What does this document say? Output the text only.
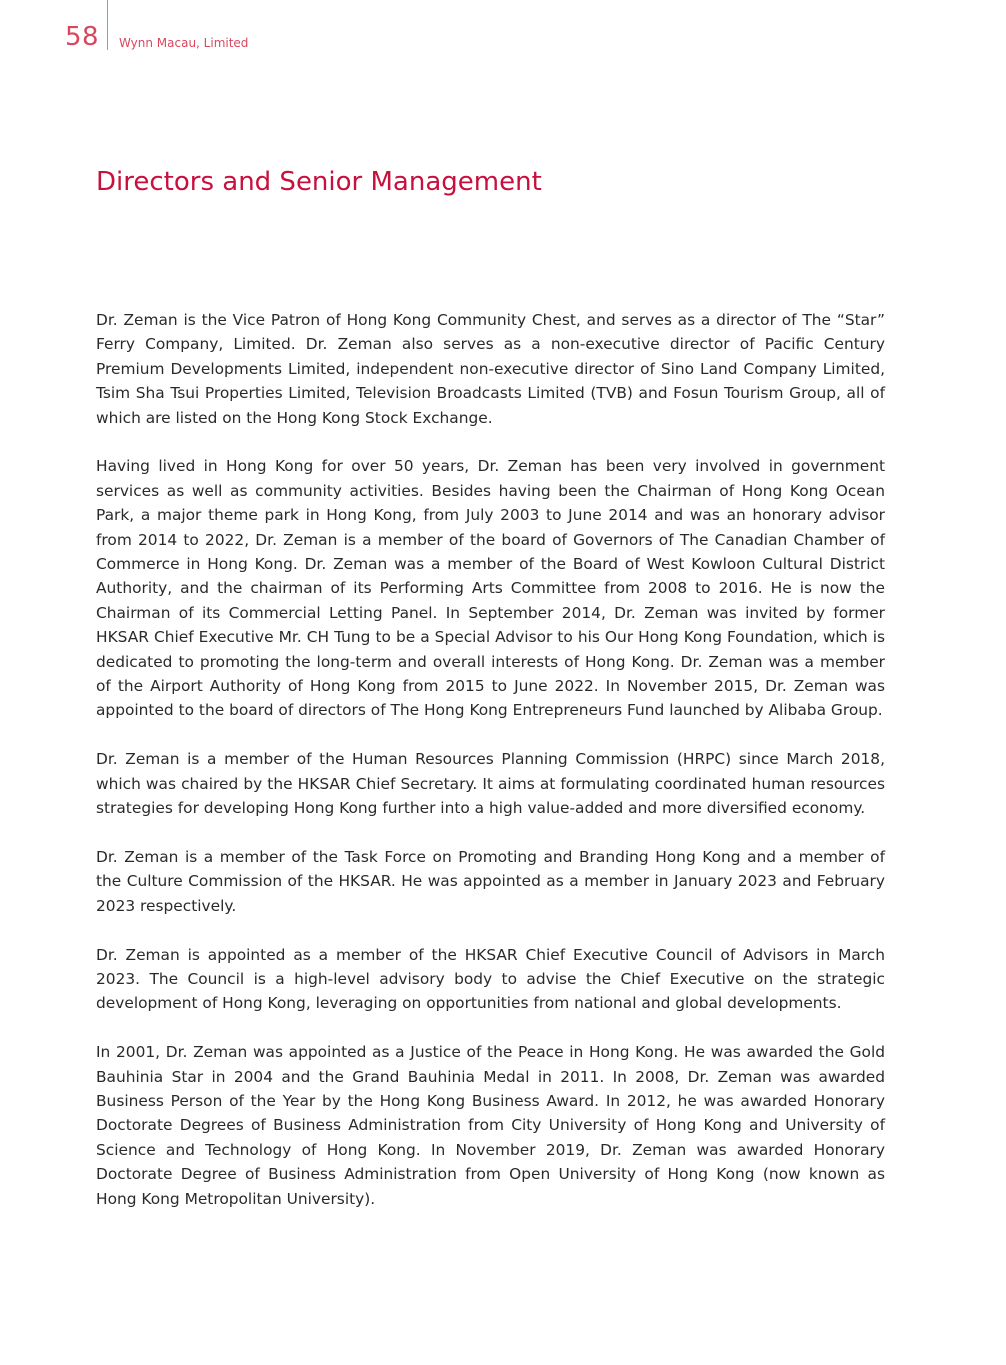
58 Wynn Macau, Limited
Directors and Senior Management

Dr. Zeman is the Vice Patron of Hong Kong Community Chest, and serves as a director of The “Star” Ferry Company, Limited. Dr. Zeman also serves as a non-executive director of Pacific Century Premium Developments Limited, independent non-executive director of Sino Land Company Limited, Tsim Sha Tsui Properties Limited, Television Broadcasts Limited (TVB) and Fosun Tourism Group, all of which are listed on the Hong Kong Stock Exchange.

Having lived in Hong Kong for over 50 years, Dr. Zeman has been very involved in government services as well as community activities. Besides having been the Chairman of Hong Kong Ocean Park, a major theme park in Hong Kong, from July 2003 to June 2014 and was an honorary advisor from 2014 to 2022, Dr. Zeman is a member of the board of Governors of The Canadian Chamber of Commerce in Hong Kong. Dr. Zeman was a member of the Board of West Kowloon Cultural District Authority, and the chairman of its Performing Arts Committee from 2008 to 2016. He is now the Chairman of its Commercial Letting Panel. In September 2014, Dr. Zeman was invited by former HKSAR Chief Executive Mr. CH Tung to be a Special Advisor to his Our Hong Kong Foundation, which is dedicated to promoting the long-term and overall interests of Hong Kong. Dr. Zeman was a member of the Airport Authority of Hong Kong from 2015 to June 2022. In November 2015, Dr. Zeman was appointed to the board of directors of The Hong Kong Entrepreneurs Fund launched by Alibaba Group.

Dr. Zeman is a member of the Human Resources Planning Commission (HRPC) since March 2018, which was chaired by the HKSAR Chief Secretary. It aims at formulating coordinated human resources strategies for developing Hong Kong further into a high value-added and more diversified economy.

Dr. Zeman is a member of the Task Force on Promoting and Branding Hong Kong and a member of the Culture Commission of the HKSAR. He was appointed as a member in January 2023 and February 2023 respectively.

Dr. Zeman is appointed as a member of the HKSAR Chief Executive Council of Advisors in March 2023. The Council is a high-level advisory body to advise the Chief Executive on the strategic development of Hong Kong, leveraging on opportunities from national and global developments.

In 2001, Dr. Zeman was appointed as a Justice of the Peace in Hong Kong. He was awarded the Gold Bauhinia Star in 2004 and the Grand Bauhinia Medal in 2011. In 2008, Dr. Zeman was awarded Business Person of the Year by the Hong Kong Business Award. In 2012, he was awarded Honorary Doctorate Degrees of Business Administration from City University of Hong Kong and University of Science and Technology of Hong Kong. In November 2019, Dr. Zeman was awarded Honorary Doctorate Degree of Business Administration from Open University of Hong Kong (now known as Hong Kong Metropolitan University).
